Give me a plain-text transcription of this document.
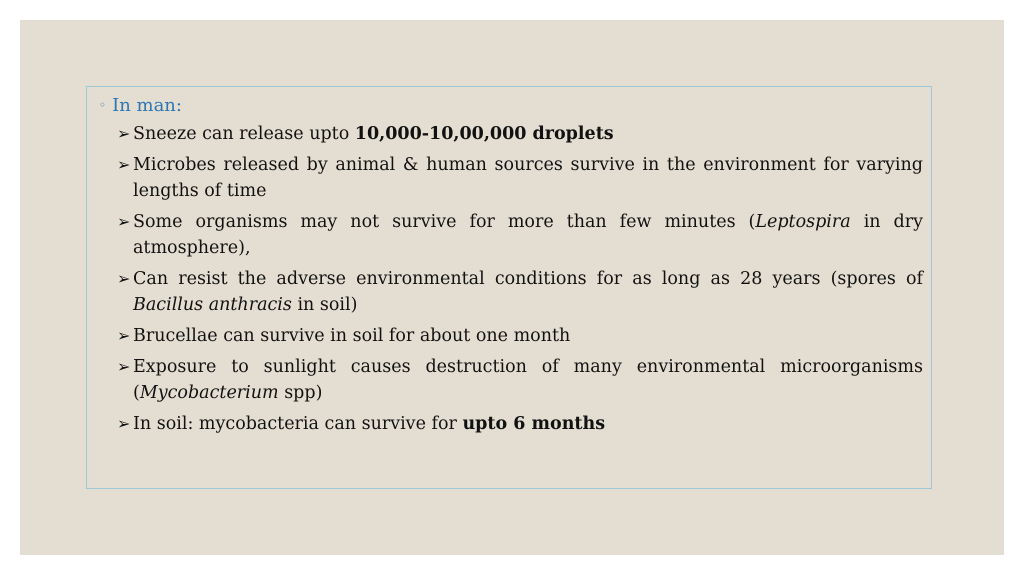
◦ In man:
➢ Sneeze can release upto 10,000-10,00,000 droplets
➢ Microbes released by animal & human sources survive in the environment for varying lengths of time
➢ Some organisms may not survive for more than few minutes (Leptospira in dry atmosphere),
➢ Can resist the adverse environmental conditions for as long as 28 years (spores of Bacillus anthracis in soil)
➢ Brucellae can survive in soil for about one month
➢ Exposure to sunlight causes destruction of many environmental microorganisms (Mycobacterium spp)
➢ In soil: mycobacteria can survive for upto 6 months
